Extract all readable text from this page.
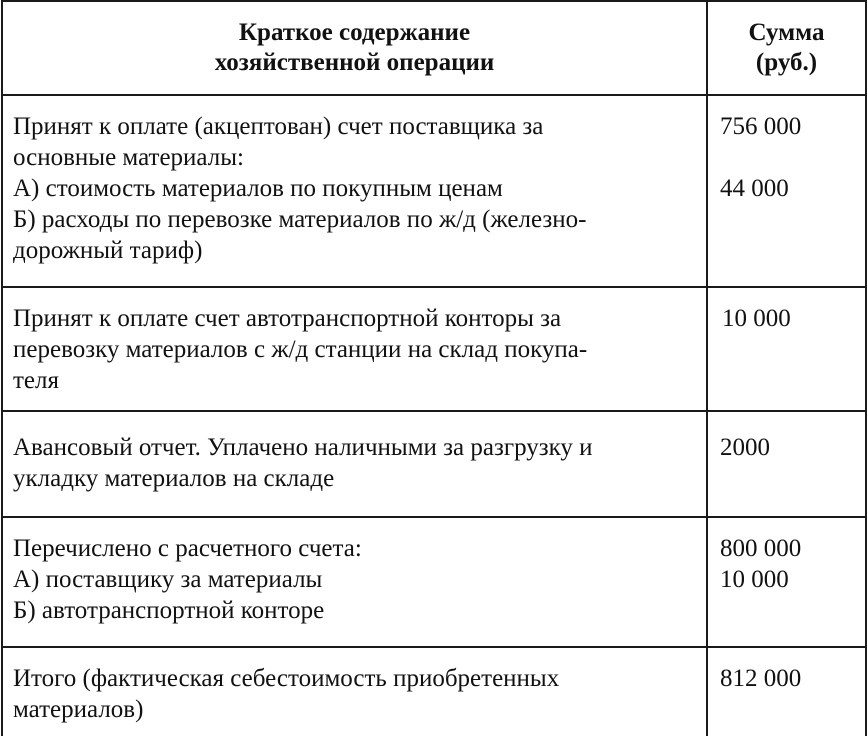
Краткое содержание
хозяйственной операции	Сумма
(руб.)

Принят к оплате (акцептован) счет поставщика за
основные материалы:
А) стоимость материалов по покупным ценам
Б) расходы по перевозке материалов по ж/д (железно-
дорожный тариф)	756 000
44 000

Принят к оплате счет автотранспортной конторы за
перевозку материалов с ж/д станции на склад покупа-
теля	10 000

Авансовый отчет. Уплачено наличными за разгрузку и
укладку материалов на складе	2000

Перечислено с расчетного счета:
А) поставщику за материалы
Б) автотранспортной конторе	800 000
10 000

Итого (фактическая себестоимость приобретенных
материалов)	812 000
